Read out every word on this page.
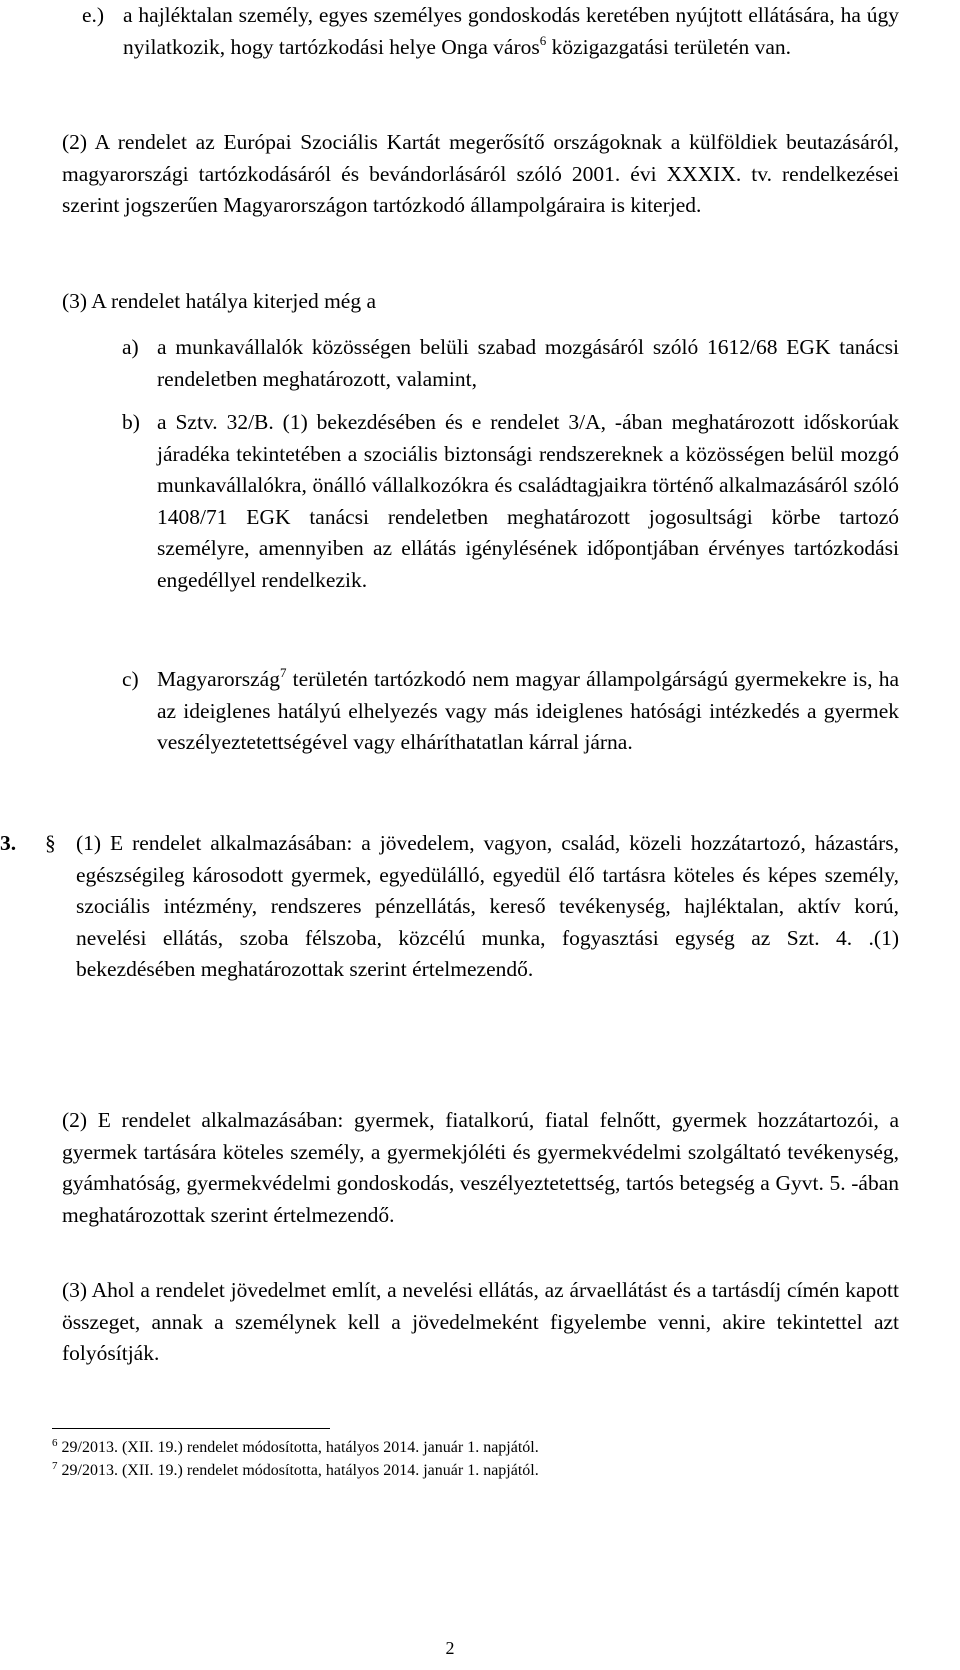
e.) a hajléktalan személy, egyes személyes gondoskodás keretében nyújtott ellátására, ha úgy nyilatkozik, hogy tartózkodási helye Onga város$^6$ közigazgatási területén van.

(2) A rendelet az Európai Szociális Kartát megerősítő országoknak a külföldiek beutazásáról, magyarországi tartózkodásáról és bevándorlásáról szóló 2001. évi XXXIX. tv. rendelkezései szerint jogszerűen Magyarországon tartózkodó állampolgáraira is kiterjed.

(3) A rendelet hatálya kiterjed még a

a) a munkavállalók közösségen belüli szabad mozgásáról szóló 1612/68 EGK tanácsi rendeletben meghatározott, valamint,

b) a Sztv. 32/B. (1) bekezdésében és e rendelet 3/A, -ában meghatározott időskorúak járadéka tekintetében a szociális biztonsági rendszereknek a közösségen belül mozgó munkavállalókra, önálló vállalkozókra és családtagjaikra történő alkalmazásáról szóló 1408/71 EGK tanácsi rendeletben meghatározott jogosultsági körbe tartozó személyre, amennyiben az ellátás igénylésének időpontjában érvényes tartózkodási engedéllyel rendelkezik.

c) Magyarország$^7$ területén tartózkodó nem magyar állampolgárságú gyermekekre is, ha az ideiglenes hatályú elhelyezés vagy más ideiglenes hatósági intézkedés a gyermek veszélyeztetettségével vagy elháríthatatlan kárral járna.

3. § (1) E rendelet alkalmazásában: a jövedelem, vagyon, család, közeli hozzátartozó, házastárs, egészségileg károsodott gyermek, egyedülálló, egyedül élő tartásra köteles és képes személy, szociális intézmény, rendszeres pénzellátás, kereső tevékenység, hajléktalan, aktív korú, nevelési ellátás, szoba félszoba, közcélú munka, fogyasztási egység az Szt. 4. .(1) bekezdésében meghatározottak szerint értelmezendő.

(2) E rendelet alkalmazásában: gyermek, fiatalkorú, fiatal felnőtt, gyermek hozzátartozói, a gyermek tartására köteles személy, a gyermekjóléti és gyermekvédelmi szolgáltató tevékenység, gyámhatóság, gyermekvédelmi gondoskodás, veszélyeztetettség, tartós betegség a Gyvt. 5. -ában meghatározottak szerint értelmezendő.

(3) Ahol a rendelet jövedelmet említ, a nevelési ellátás, az árvaellátást és a tartásdíj címén kapott összeget, annak a személynek kell a jövedelmeként figyelembe venni, akire tekintettel azt folyósítják.

$^6$ 29/2013. (XII. 19.) rendelet módosította, hatályos 2014. január 1. napjától.

$^7$ 29/2013. (XII. 19.) rendelet módosította, hatályos 2014. január 1. napjától.

2
